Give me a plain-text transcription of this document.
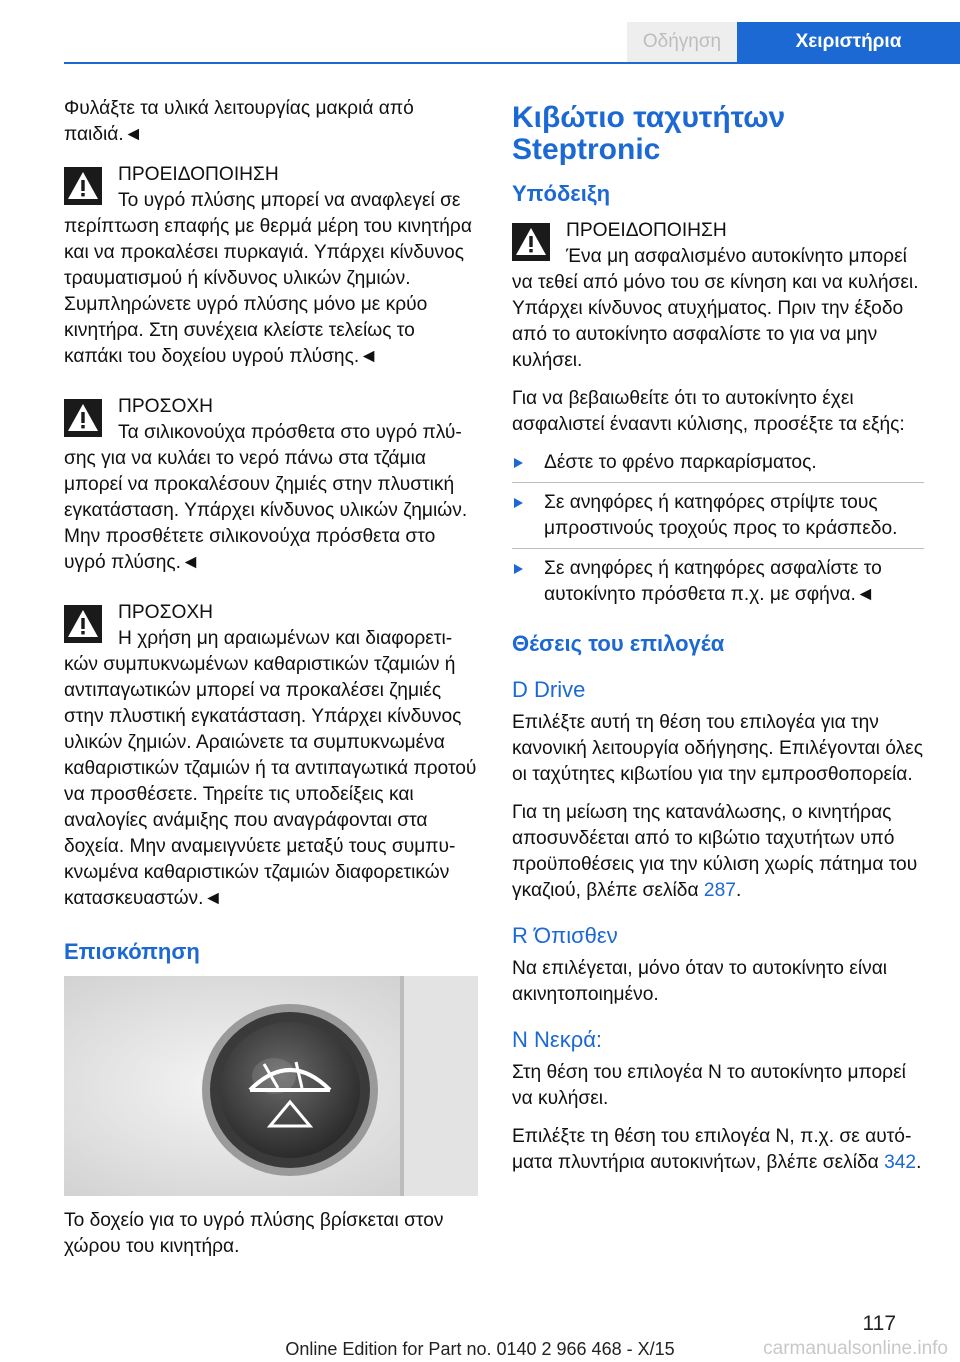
Οδήγηση	Χειριστήρια

Φυλάξτε τα υλικά λειτουργίας μακριά από παιδιά.◄

ΠΡΟΕΙΔΟΠΟΙΗΣΗ
Το υγρό πλύσης μπορεί να αναφλεγεί σε περίπτωση επαφής με θερμά μέρη του κινητήρα και να προκαλέσει πυρκαγιά. Υπάρχει κίνδυνος τραυματισμού ή κίνδυνος υλικών ζημιών. Συμπληρώνετε υγρό πλύσης μόνο με κρύο κινητήρα. Στη συνέχεια κλείστε τελείως το καπάκι του δοχείου υγρού πλύσης.◄
ΠΡΟΣΟΧΗ
Τα σιλικονούχα πρόσθετα στο υγρό πλύσης για να κυλάει το νερό πάνω στα τζάμια μπορεί να προκαλέσουν ζημιές στην πλυστική εγκατάσταση. Υπάρχει κίνδυνος υλικών ζημιών. Μην προσθέτετε σιλικονούχα πρόσθετα στο υγρό πλύσης.◄
ΠΡΟΣΟΧΗ
Η χρήση μη αραιωμένων και διαφορετικών συμπυκνωμένων καθαριστικών τζαμιών ή αντιπαγωτικών μπορεί να προκαλέσει ζημιές στην πλυστική εγκατάσταση. Υπάρχει κίνδυνος υλικών ζημιών. Αραιώνετε τα συμπυκνωμένα καθαριστικών τζαμιών ή τα αντιπαγωτικά προτού να προσθέσετε. Τηρείτε τις υποδείξεις και αναλογίες ανάμιξης που αναγράφονται στα δοχεία. Μην αναμειγνύετε μεταξύ τους συμπυκνωμένα καθαριστικών τζαμιών διαφορετικών κατασκευαστών.◄
Επισκόπηση

Το δοχείο για το υγρό πλύσης βρίσκεται στον χώρου του κινητήρα.

Κιβώτιο ταχυτήτων Steptronic
Υπόδειξη
ΠΡΟΕΙΔΟΠΟΙΗΣΗ
Ένα μη ασφαλισμένο αυτοκίνητο μπορεί να τεθεί από μόνο του σε κίνηση και να κυλήσει. Υπάρχει κίνδυνος ατυχήματος. Πριν την έξοδο από το αυτοκίνητο ασφαλίστε το για να μην κυλήσει.

Για να βεβαιωθείτε ότι το αυτοκίνητο έχει ασφαλιστεί ένααντι κύλισης, προσέξτε τα εξής:

Δέστε το φρένο παρκαρίσματος.
Σε ανηφόρες ή κατηφόρες στρίψτε τους μπροστινούς τροχούς προς το κράσπεδο.
Σε ανηφόρες ή κατηφόρες ασφαλίστε το αυτοκίνητο πρόσθετα π.χ. με σφήνα.◄
Θέσεις του επιλογέα
D Drive

Επιλέξτε αυτή τη θέση του επιλογέα για την κανονική λειτουργία οδήγησης. Επιλέγονται όλες οι ταχύτητες κιβωτίου για την εμπροσθοπορεία.

Για τη μείωση της κατανάλωσης, ο κινητήρας αποσυνδέεται από το κιβώτιο ταχυτήτων υπό προϋποθέσεις για την κύλιση χωρίς πάτημα του γκαζιού, βλέπε σελίδα 287.

R Όπισθεν

Να επιλέγεται, μόνο όταν το αυτοκίνητο είναι ακινητοποιημένο.

N Νεκρά:

Στη θέση του επιλογέα N το αυτοκίνητο μπορεί να κυλήσει.

Επιλέξτε τη θέση του επιλογέα N, π.χ. σε αυτόματα πλυντήρια αυτοκινήτων, βλέπε σελίδα 342.

117
Online Edition for Part no. 0140 2 966 468 - X/15	carmanualsonline.info
